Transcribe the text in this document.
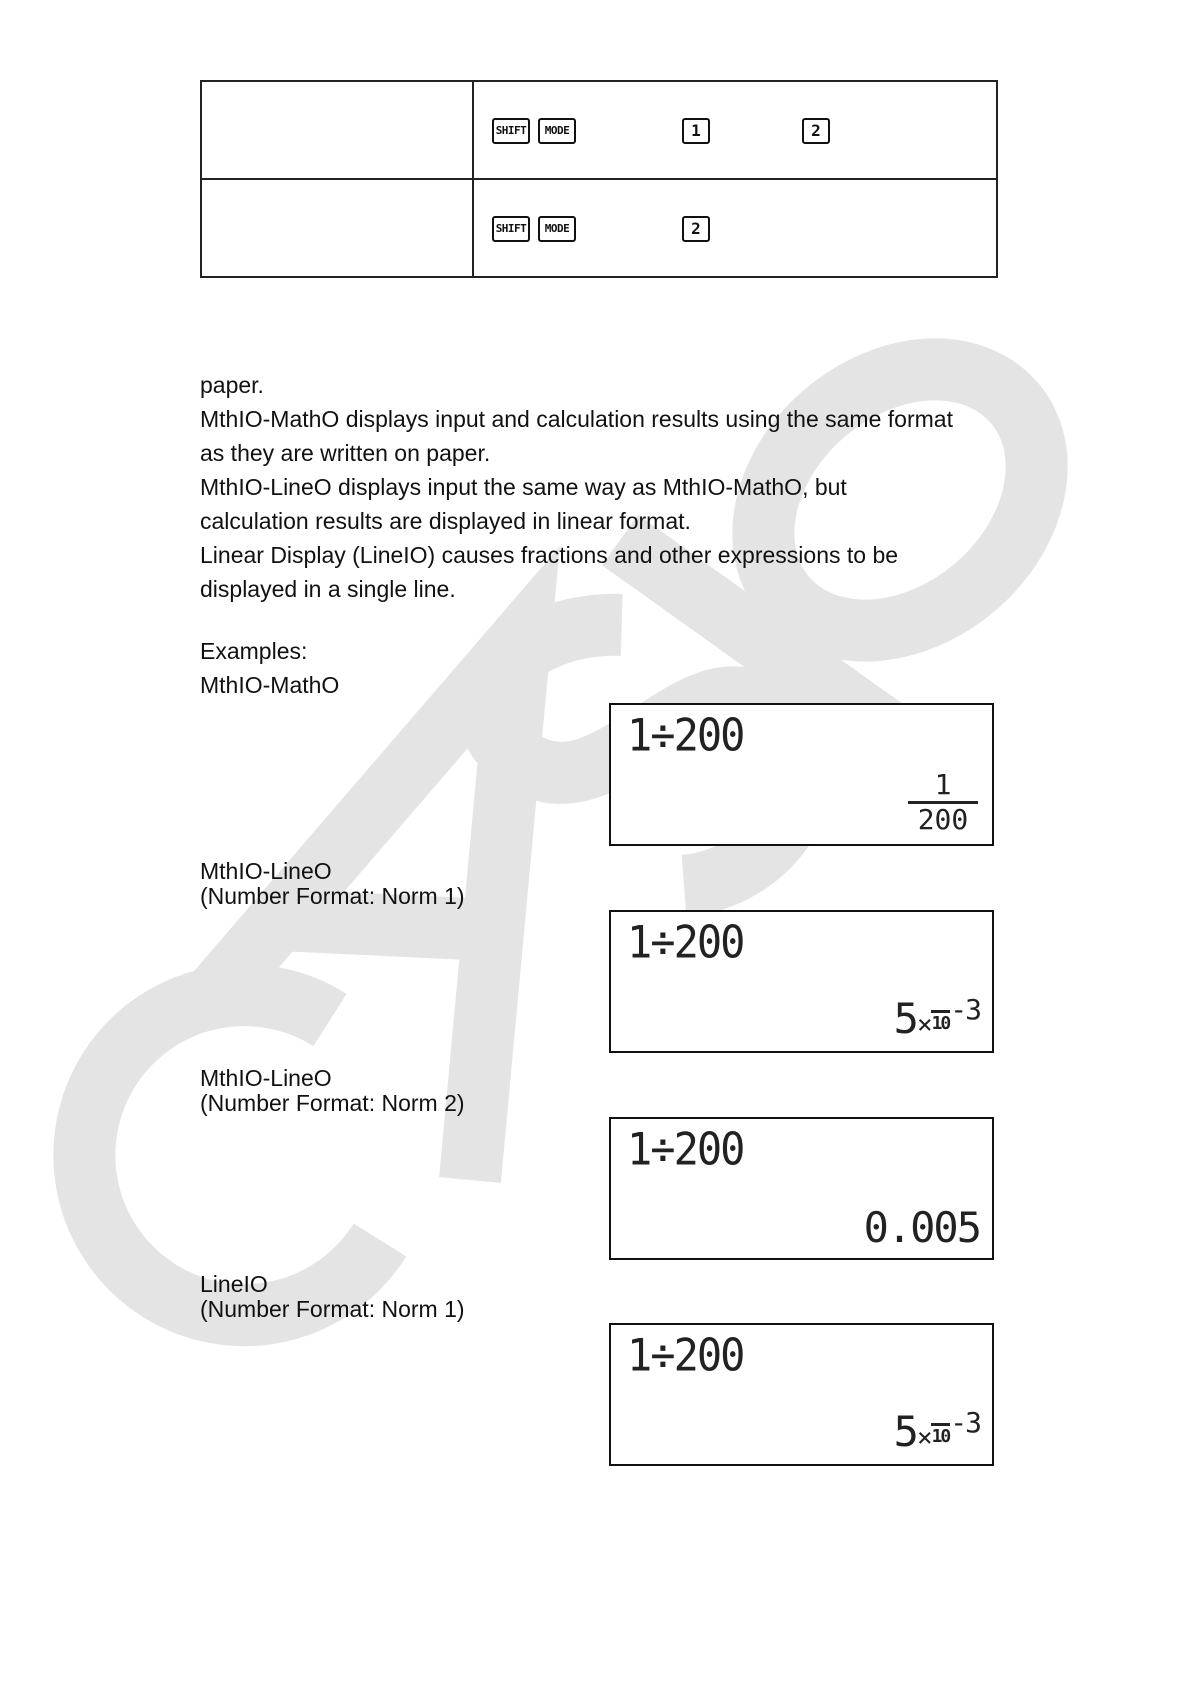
	SHIFT MODE 1 2

	SHIFT MODE 2
paper.
MthIO-MathO displays input and calculation results using the same format
as they are written on paper.
MthIO-LineO displays input the same way as MthIO-MathO, but
calculation results are displayed in linear format.
Linear Display (LineIO) causes fractions and other expressions to be
displayed in a single line.
Examples:
MthIO-MathO
1÷200
1
200
MthIO-LineO
(Number Format: Norm 1)
1÷200
$5\times 10^{-3}$
MthIO-LineO
(Number Format: Norm 2)
1÷200
0.005
LineIO
(Number Format: Norm 1)
1÷200
$5\times 10^{-3}$
